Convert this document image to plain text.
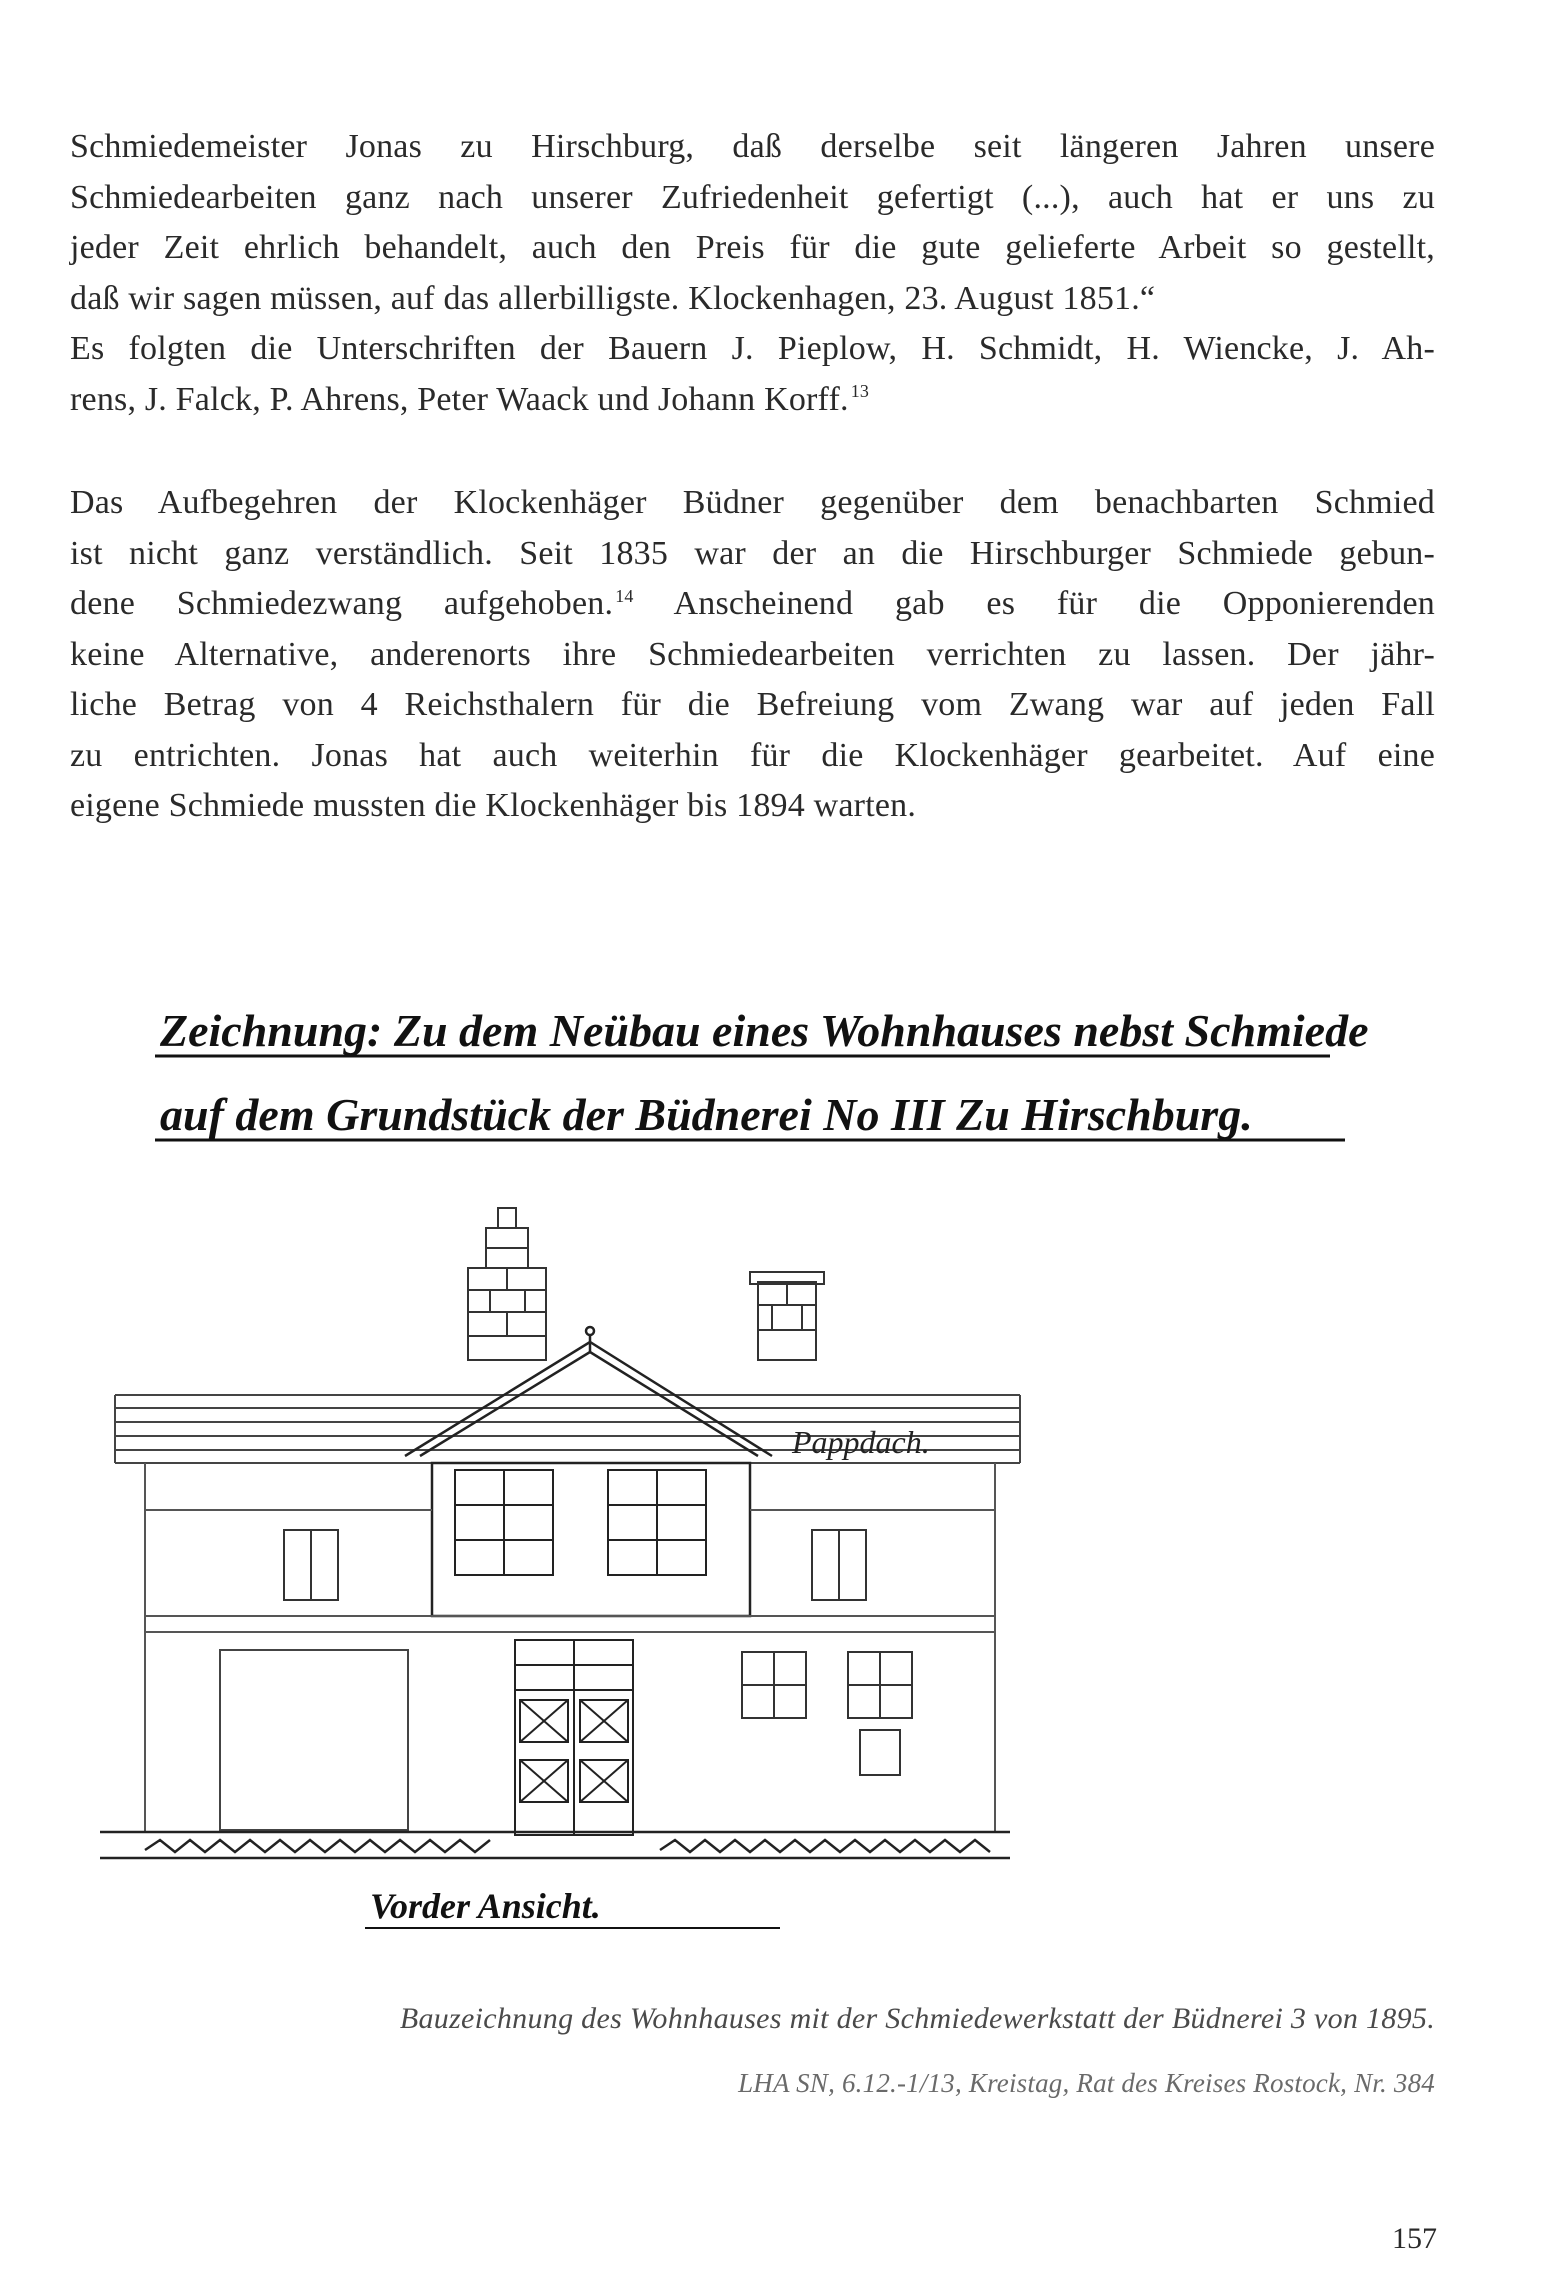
Schmiedemeister Jonas zu Hirschburg, daß derselbe seit längeren Jahren unsere
Schmiedearbeiten ganz nach unserer Zufriedenheit gefertigt (...), auch hat er uns zu
jeder Zeit ehrlich behandelt, auch den Preis für die gute gelieferte Arbeit so gestellt,
daß wir sagen müssen, auf das allerbilligste. Klockenhagen, 23. August 1851.“
Es folgten die Unterschriften der Bauern J. Pieplow, H. Schmidt, H. Wiencke, J. Ah-
rens, J. Falck, P. Ahrens, Peter Waack und Johann Korff. $^{13}$
Das Aufbegehren der Klockenhäger Büdner gegenüber dem benachbarten Schmied
ist nicht ganz verständlich. Seit 1835 war der an die Hirschburger Schmiede gebun-
dene Schmiedezwang aufgehoben. $^{14}$ Anscheinend gab es für die Opponierenden
keine Alternative, anderenorts ihre Schmiedearbeiten verrichten zu lassen. Der jähr-
liche Betrag von 4 Reichsthalern für die Befreiung vom Zwang war auf jeden Fall
zu entrichten. Jonas hat auch weiterhin für die Klockenhäger gearbeitet. Auf eine
eigene Schmiede mussten die Klockenhäger bis 1894 warten.
Zeichnung: Zu dem Neübau eines Wohnhauses nebst Schmiede
auf dem Grundstück der Büdnerei No III Zu Hirschburg.
Pappdach.
Vorder Ansicht.
Bauzeichnung des Wohnhauses mit der Schmiedewerkstatt der Büdnerei 3 von 1895.
LHA SN, 6.12.-1/13, Kreistag, Rat des Kreises Rostock, Nr. 384
157
